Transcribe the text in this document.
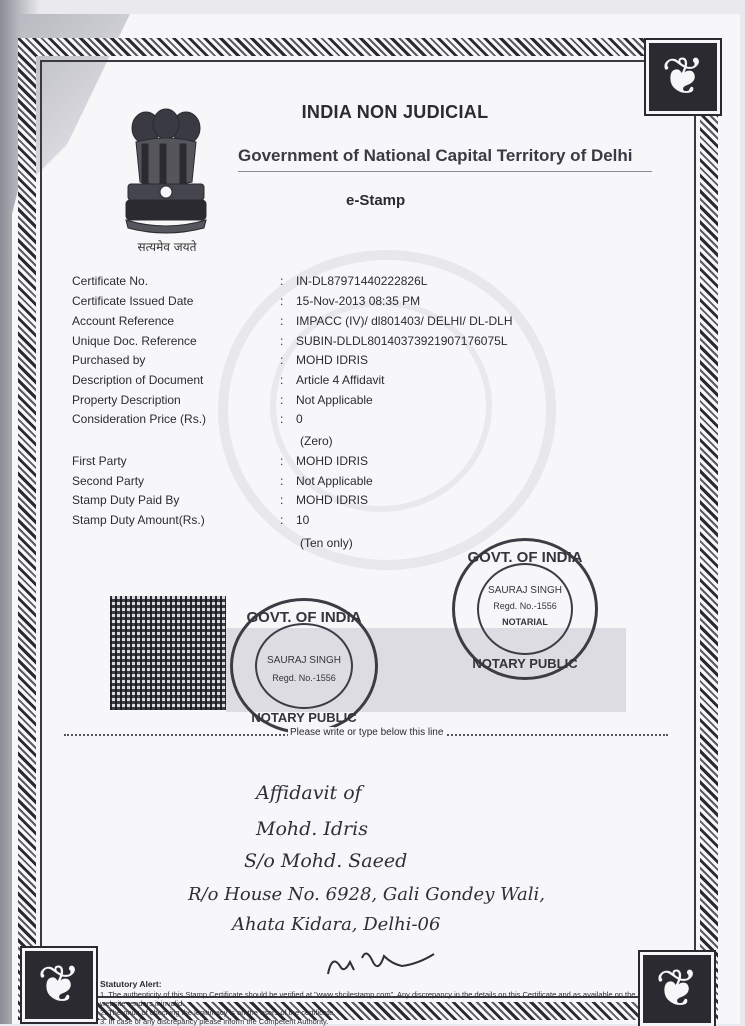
❦
❦
❦
सत्यमेव जयते
INDIA NON JUDICIAL
Government of National Capital Territory of Delhi
e-Stamp
Certificate No.	: IN-DL87971440222826L
Certificate Issued Date	: 15-Nov-2013 08:35 PM
Account Reference	: IMPACC (IV)/ dl801403/ DELHI/ DL-DLH
Unique Doc. Reference	: SUBIN-DLDL80140373921907176075L
Purchased by	: MOHD IDRIS
Description of Document	: Article 4 Affidavit
Property Description	: Not Applicable
Consideration Price (Rs.)	: 0
(Zero)
First Party	: MOHD IDRIS
Second Party	: Not Applicable
Stamp Duty Paid By	: MOHD IDRIS
Stamp Duty Amount(Rs.)	: 10
(Ten only)
GOVT. OF INDIA
SAURAJ SINGH
Regd. No.-1556
NOTARY PUBLIC
GOVT. OF INDIA
SAURAJ SINGH
Regd. No.-1556
NOTARIAL
NOTARY PUBLIC
Please write or type below this line
Affidavit of
Mohd. Idris
S/o Mohd. Saeed
R/o House No. 6928, Gali Gondey Wali,
Ahata Kidara, Delhi-06
Statutory Alert:
1. The authenticity of this Stamp Certificate should be verified at "www.shcilestamp.com". Any discrepancy in the details on this Certificate and as available on the website renders it invalid.
2. The onus of checking the legitimacy is on the users of the certificate.
3. In case of any discrepancy please inform the Competent Authority.
